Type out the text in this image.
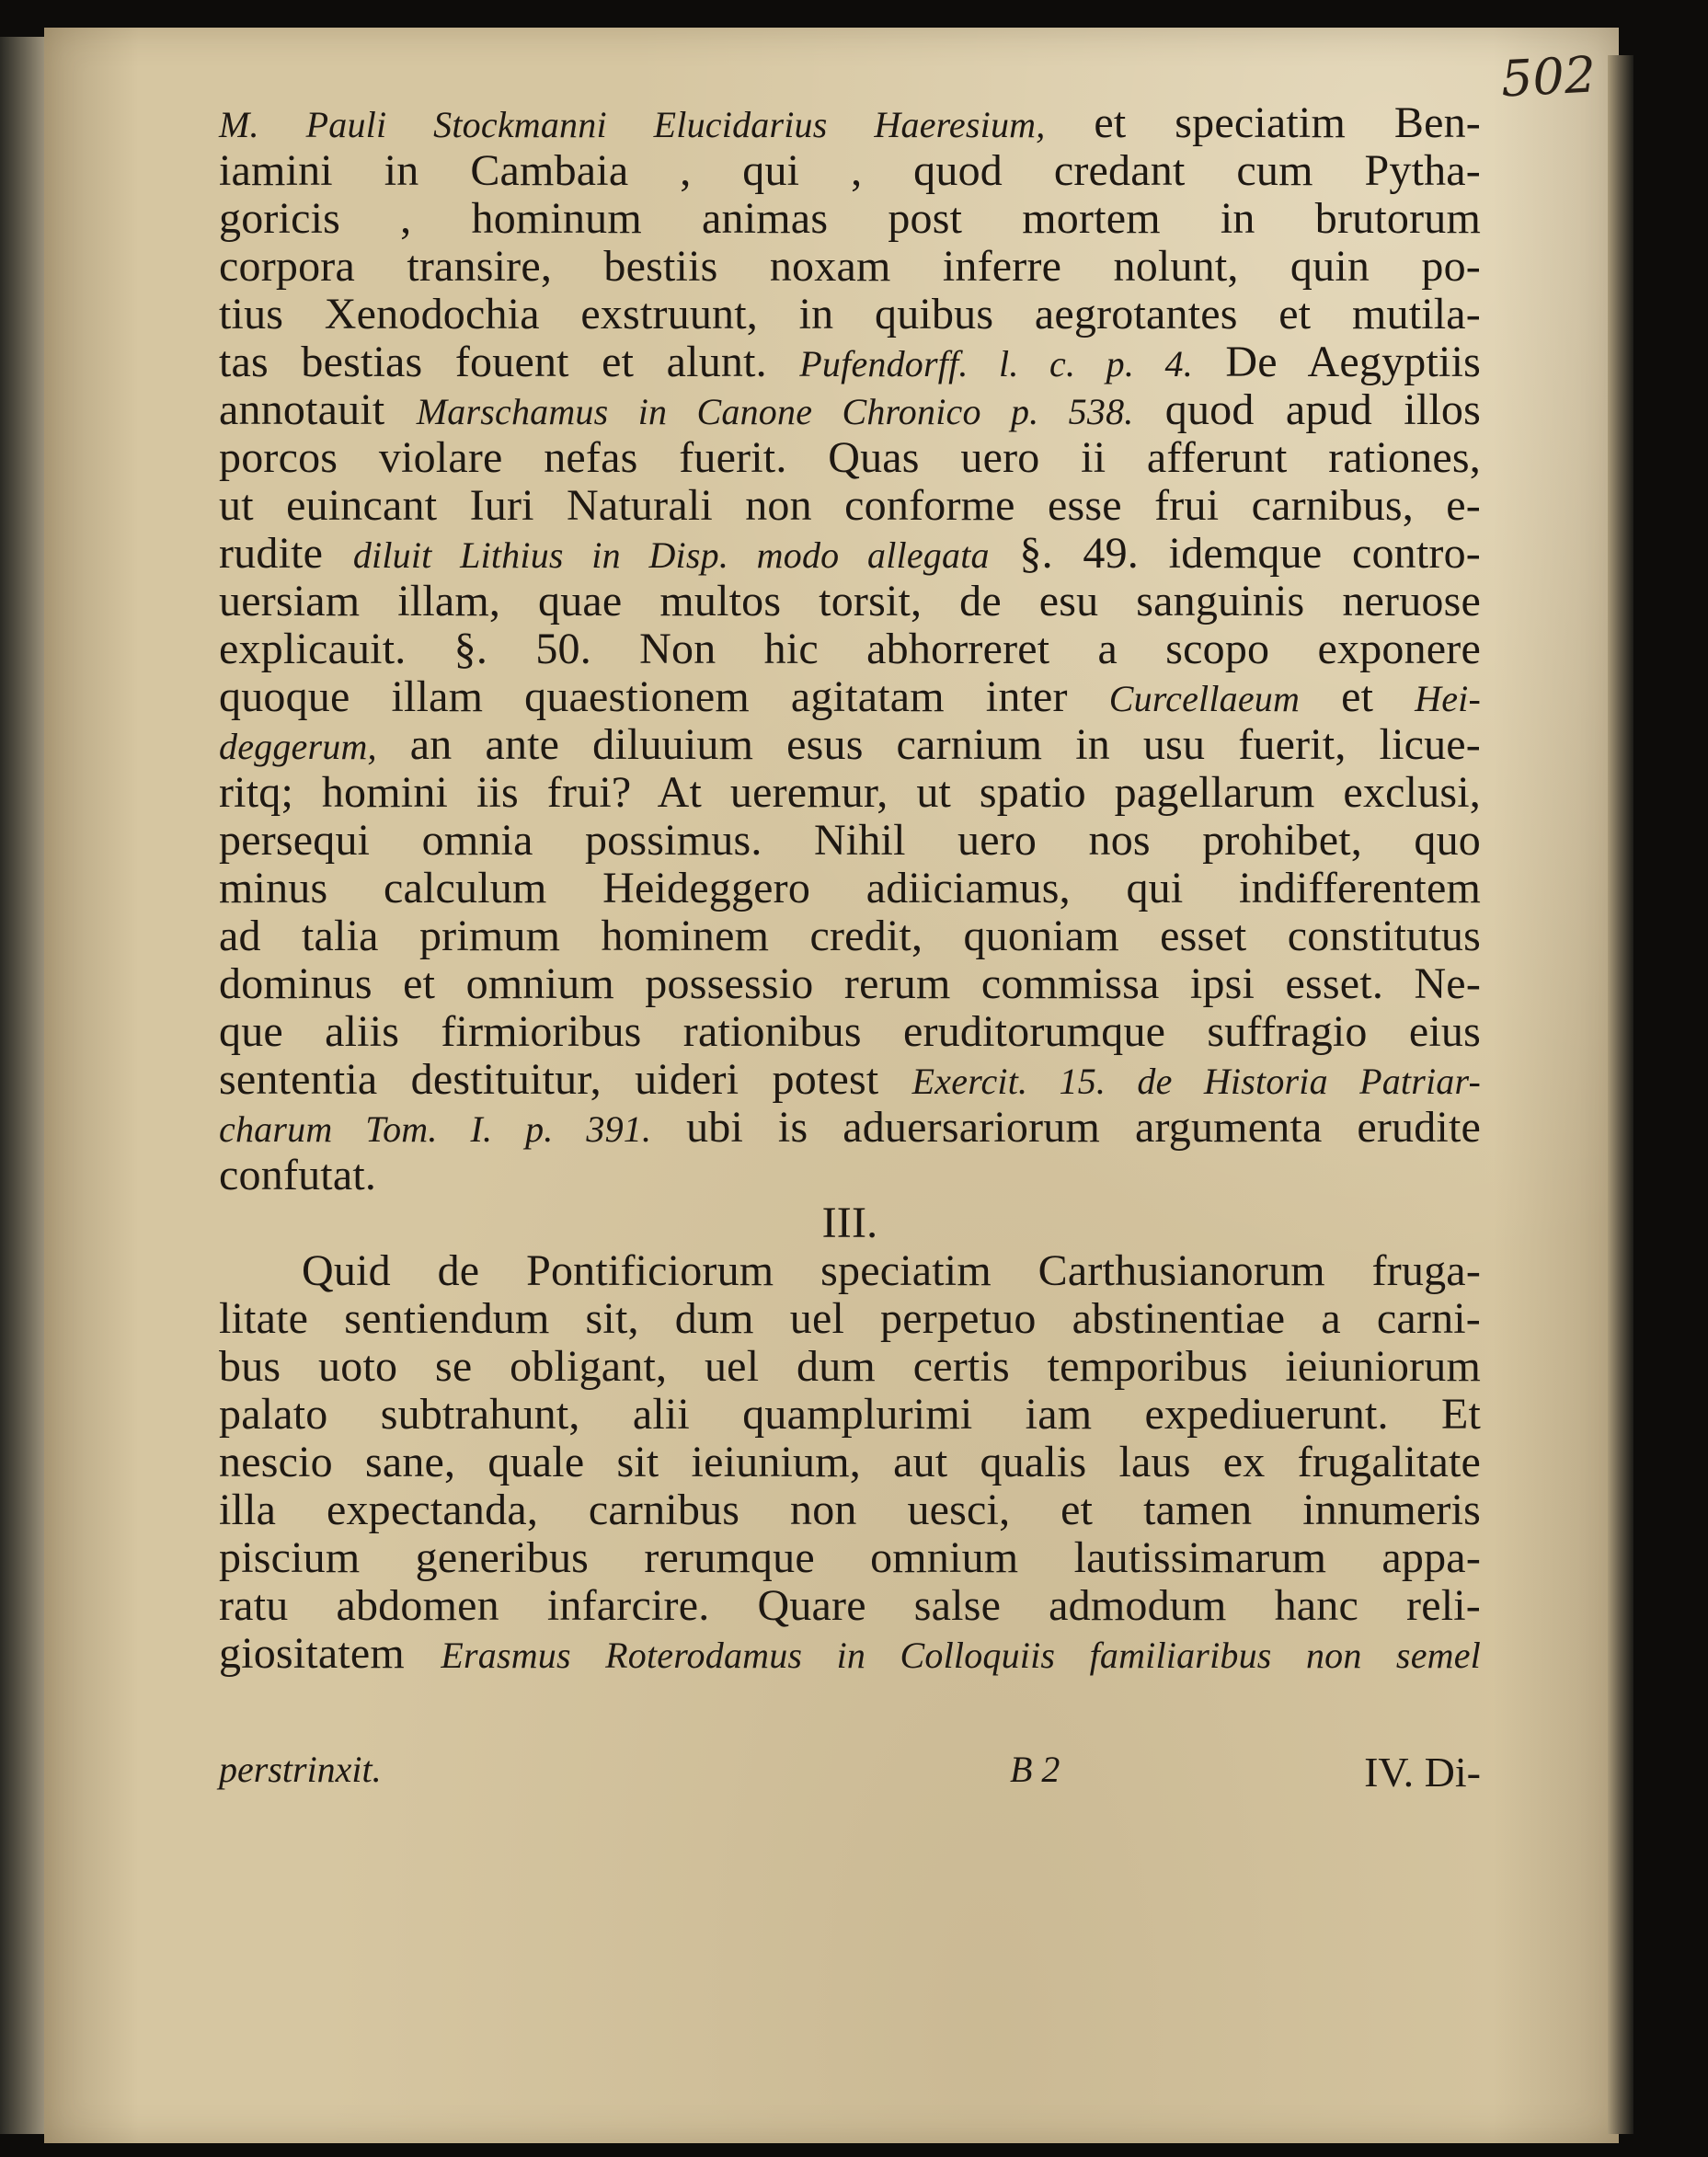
502
M. Pauli Stockmanni Elucidarius Haeresium, et speciatim Ben-
iamini in Cambaia , qui , quod credant cum Pytha-
goricis , hominum animas post mortem in brutorum
corpora transire, bestiis noxam inferre nolunt, quin po-
tius Xenodochia exstruunt, in quibus aegrotantes et mutila-
tas bestias fouent et alunt. Pufendorff. l. c. p. 4. De Aegyptiis
annotauit Marschamus in Canone Chronico p. 538. quod apud illos
porcos violare nefas fuerit. Quas uero ii afferunt rationes,
ut euincant Iuri Naturali non conforme esse frui carnibus, e-
rudite diluit Lithius in Disp. modo allegata §. 49. idemque contro-
uersiam illam, quae multos torsit, de esu sanguinis neruose
explicauit. §. 50. Non hic abhorreret a scopo exponere
quoque illam quaestionem agitatam inter Curcellaeum et Hei-
deggerum, an ante diluuium esus carnium in usu fuerit, licue-
ritq; homini iis frui? At ueremur, ut spatio pagellarum exclusi,
persequi omnia possimus. Nihil uero nos prohibet, quo
minus calculum Heideggero adiiciamus, qui indifferentem
ad talia primum hominem credit, quoniam esset constitutus
dominus et omnium possessio rerum commissa ipsi esset. Ne-
que aliis firmioribus rationibus eruditorumque suffragio eius
sententia destituitur, uideri potest Exercit. 15. de Historia Patriar-
charum Tom. I. p. 391. ubi is aduersariorum argumenta erudite
confutat.
III.
Quid de Pontificiorum speciatim Carthusianorum fruga-
litate sentiendum sit, dum uel perpetuo abstinentiae a carni-
bus uoto se obligant, uel dum certis temporibus ieiuniorum
palato subtrahunt, alii quamplurimi iam expediuerunt. Et
nescio sane, quale sit ieiunium, aut qualis laus ex frugalitate
illa expectanda, carnibus non uesci, et tamen innumeris
piscium generibus rerumque omnium lautissimarum appa-
ratu abdomen infarcire. Quare salse admodum hanc reli-
giositatem Erasmus Roterodamus in Colloquiis familiaribus non semel
perstrinxit.	B 2	IV. Di-
